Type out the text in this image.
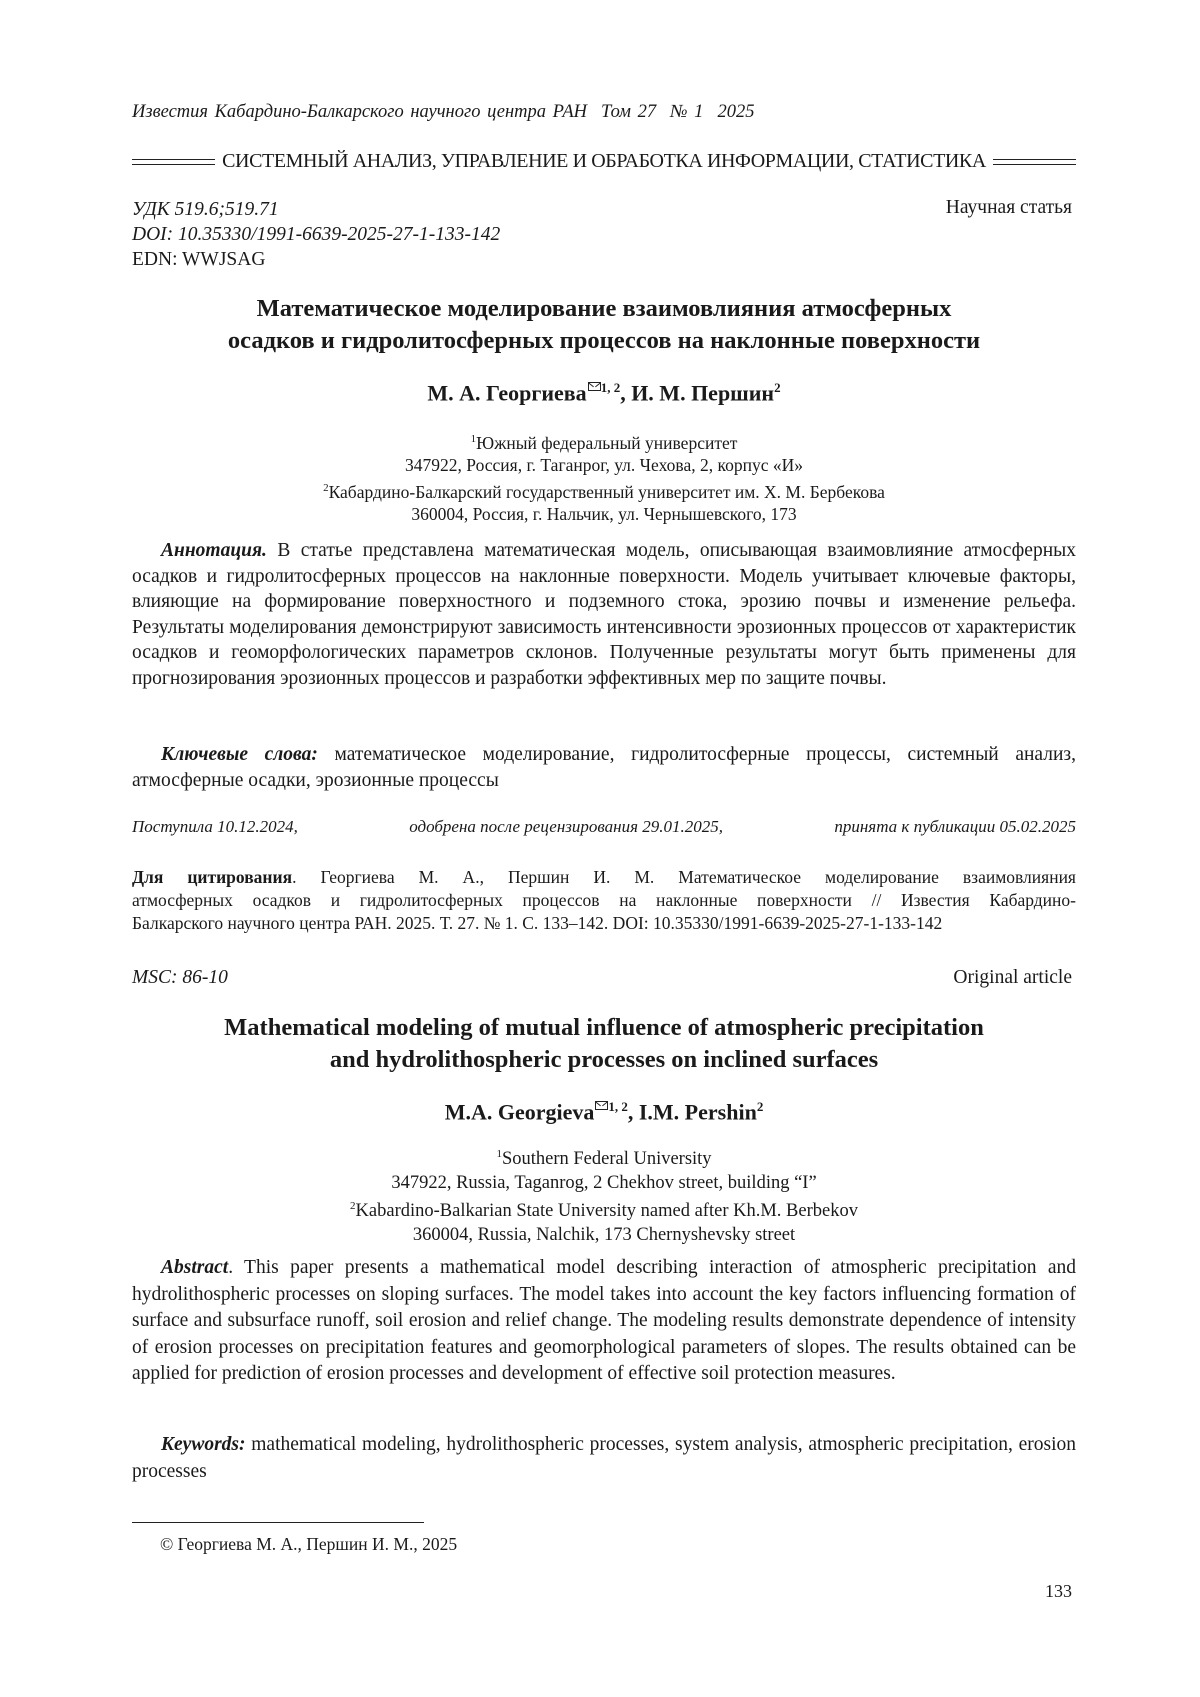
Известия Кабардино-Балкарского научного центра РАН Том 27 № 1 2025
СИСТЕМНЫЙ АНАЛИЗ, УПРАВЛЕНИЕ И ОБРАБОТКА ИНФОРМАЦИИ, СТАТИСТИКА
УДК 519.6;519.71
DOI: 10.35330/1991-6639-2025-27-1-133-142
EDN: WWJSAG
Научная статья
Математическое моделирование взаимовлияния атмосферных
осадков и гидролитосферных процессов на наклонные поверхности
М. А. Георгиева 1, 2, И. М. Першин2
1Южный федеральный университет
347922, Россия, г. Таганрог, ул. Чехова, 2, корпус «И»
2Кабардино-Балкарский государственный университет им. Х. М. Бербекова
360004, Россия, г. Нальчик, ул. Чернышевского, 173
Аннотация. В статье представлена математическая модель, описывающая взаимовлияние атмосферных осадков и гидролитосферных процессов на наклонные поверхности. Модель учитывает ключевые факторы, влияющие на формирование поверхностного и подземного стока, эрозию почвы и изменение рельефа. Результаты моделирования демонстрируют зависимость интенсивности эрозионных процессов от характеристик осадков и геоморфологических параметров склонов. Полученные результаты могут быть применены для прогнозирования эрозионных процессов и разработки эффективных мер по защите почвы.
Ключевые слова: математическое моделирование, гидролитосферные процессы, системный анализ, атмосферные осадки, эрозионные процессы
Поступила 10.12.2024,	одобрена после рецензирования 29.01.2025,	принята к публикации 05.02.2025
Для цитирования. Георгиева М. А., Першин И. М. Математическое моделирование взаимовлияния
атмосферных осадков и гидролитосферных процессов на наклонные поверхности // Известия Кабардино-
Балкарского научного центра РАН. 2025. Т. 27. № 1. С. 133–142. DOI: 10.35330/1991-6639-2025-27-1-133-142
MSC: 86-10	Original article
Mathematical modeling of mutual influence of atmospheric precipitation
and hydrolithospheric processes on inclined surfaces
M.A. Georgieva 1, 2, I.M. Pershin2
1Southern Federal University
347922, Russia, Taganrog, 2 Chekhov street, building “I”
2Kabardino-Balkarian State University named after Kh.M. Berbekov
360004, Russia, Nalchik, 173 Chernyshevsky street
Abstract. This paper presents a mathematical model describing interaction of atmospheric precipitation and hydrolithospheric processes on sloping surfaces. The model takes into account the key factors influencing formation of surface and subsurface runoff, soil erosion and relief change. The modeling results demonstrate dependence of intensity of erosion processes on precipitation features and geomorphological parameters of slopes. The results obtained can be applied for prediction of erosion processes and development of effective soil protection measures.
Keywords: mathematical modeling, hydrolithospheric processes, system analysis, atmospheric precipitation, erosion processes
© Георгиева М. А., Першин И. М., 2025
133
